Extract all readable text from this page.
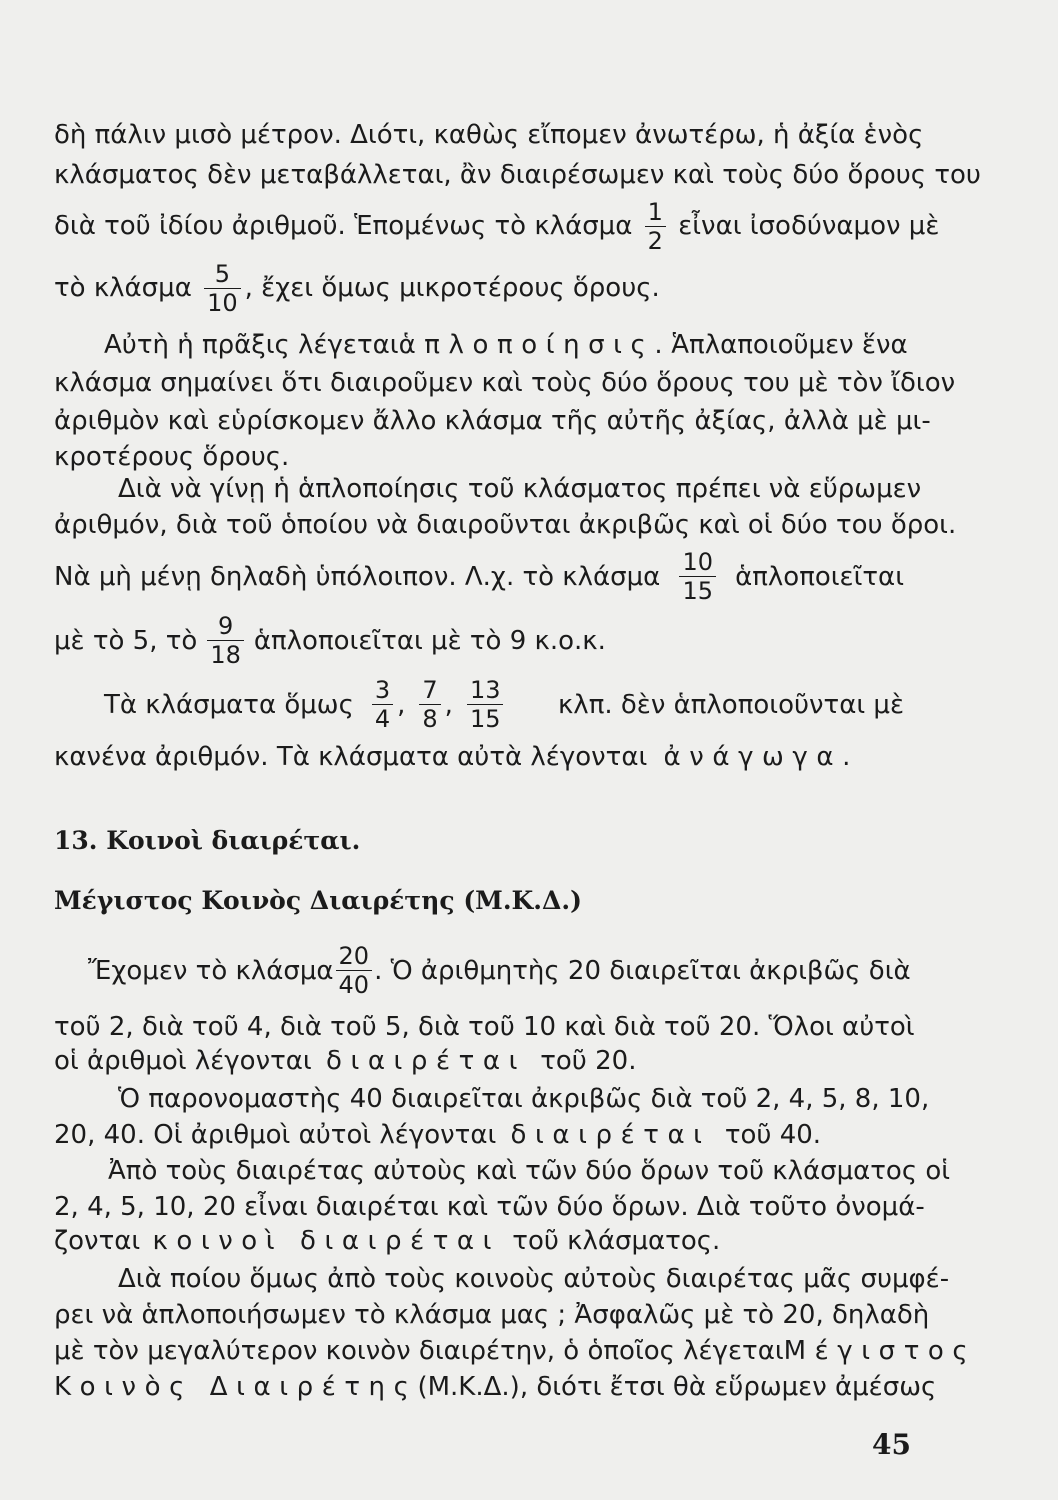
δὴ πάλιν μισὸ μέτρον. Διότι, καθὼς εἴπομεν ἀνωτέρω, ἡ ἀξία ἑνὸς
κλάσματος δὲν μεταβάλλεται, ἂν διαιρέσωμεν καὶ τοὺς δύο ὅρους του
διὰ τοῦ ἰδίου ἀριθμοῦ. Ἑπομένως τὸ κλάσμα $\frac{1}{2}$ εἶναι ἰσοδύναμον μὲ
τὸ κλάσμα $\frac{5}{10}$ , ἔχει ὅμως μικροτέρους ὅρους.
Αὐτὴ ἡ πρᾶξις λέγεται ἁπλοποίησις. Ἁπλαποιοῦμεν ἕνα
κλάσμα σημαίνει ὅτι διαιροῦμεν καὶ τοὺς δύο ὅρους του μὲ τὸν ἴδιον
ἀριθμὸν καὶ εὑρίσκομεν ἄλλο κλάσμα τῆς αὐτῆς ἀξίας, ἀλλὰ μὲ μι-
κροτέρους ὅρους.
Διὰ νὰ γίνῃ ἡ ἁπλοποίησις τοῦ κλάσματος πρέπει νὰ εὕρωμεν
ἀριθμόν, διὰ τοῦ ὁποίου νὰ διαιροῦνται ἀκριβῶς καὶ οἱ δύο του ὅροι.
Νὰ μὴ μένῃ δηλαδὴ ὑπόλοιπον. Λ.χ. τὸ κλάσμα $\frac{10}{15}$ ἁπλοποιεῖται
μὲ τὸ 5, τὸ $\frac{9}{18}$ ἁπλοποιεῖται μὲ τὸ 9 κ.ο.κ.
Τὰ κλάσματα ὅμως $\frac{3}{4}$ , $\frac{7}{8}$ , $\frac{13}{15} \kappa\lambda\pi$. δὲν ἁπλοποιοῦνται μὲ
κανένα ἀριθμόν. Τὰ κλάσματα αὐτὰ λέγονται ἀνάγωγα.
13. Κοινοὶ διαιρέται.
Μέγιστος Κοινὸς Διαιρέτης (Μ.Κ.Δ.)
Ἔχομεν τὸ κλάσμα $\frac{20}{40}$ . Ὁ ἀριθμητὴς 20 διαιρεῖται ἀκριβῶς διὰ
τοῦ 2, διὰ τοῦ 4, διὰ τοῦ 5, διὰ τοῦ 10 καὶ διὰ τοῦ 20. Ὅλοι αὐτοὶ
οἱ ἀριθμοὶ λέγονται διαιρέται τοῦ 20.
Ὁ παρονομαστὴς 40 διαιρεῖται ἀκριβῶς διὰ τοῦ 2, 4, 5, 8, 10,
20, 40. Οἱ ἀριθμοὶ αὐτοὶ λέγονται διαιρέται τοῦ 40.
Ἀπὸ τοὺς διαιρέτας αὐτοὺς καὶ τῶν δύο ὅρων τοῦ κλάσματος οἱ
2, 4, 5, 10, 20 εἶναι διαιρέται καὶ τῶν δύο ὅρων. Διὰ τοῦτο ὀνομά-
ζονται κοινοὶ διαιρέται τοῦ κλάσματος.
Διὰ ποίου ὅμως ἀπὸ τοὺς κοινοὺς αὐτοὺς διαιρέτας μᾶς συμφέ-
ρει νὰ ἁπλοποιήσωμεν τὸ κλάσμα μας ; Ἀσφαλῶς μὲ τὸ 20, δηλαδὴ
μὲ τὸν μεγαλύτερον κοινὸν διαιρέτην, ὁ ὁποῖος λέγεται Μέγιστος
Κοινὸς Διαιρέτης (Μ.Κ.Δ.), διότι ἔτσι θὰ εὕρωμεν ἀμέσως
45
